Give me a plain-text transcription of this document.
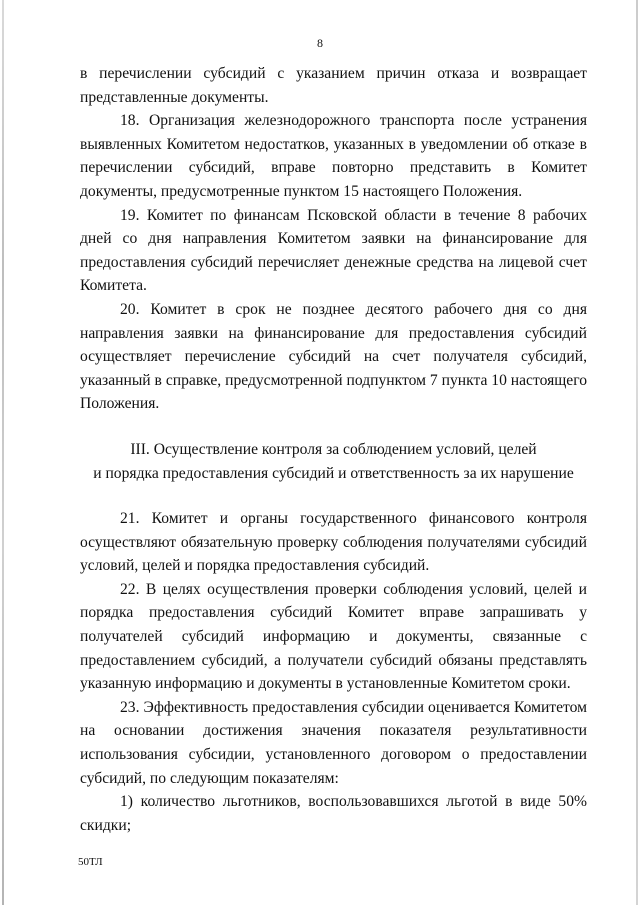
8

в перечислении субсидий с указанием причин отказа и возвращает представленные документы.

18. Организация железнодорожного транспорта после устранения выявленных Комитетом недостатков, указанных в уведомлении об отказе в перечислении субсидий, вправе повторно представить в Комитет документы, предусмотренные пунктом 15 настоящего Положения.

19. Комитет по финансам Псковской области в течение 8 рабочих дней со дня направления Комитетом заявки на финансирование для предоставления субсидий перечисляет денежные средства на лицевой счет Комитета.

20. Комитет в срок не позднее десятого рабочего дня со дня направления заявки на финансирование для предоставления субсидий осуществляет перечисление субсидий на счет получателя субсидий, указанный в справке, предусмотренной подпунктом 7 пункта 10 настоящего Положения.

III. Осуществление контроля за соблюдением условий, целей
и порядка предоставления субсидий и ответственность за их нарушение

21. Комитет и органы государственного финансового контроля осуществляют обязательную проверку соблюдения получателями субсидий условий, целей и порядка предоставления субсидий.

22. В целях осуществления проверки соблюдения условий, целей и порядка предоставления субсидий Комитет вправе запрашивать у получателей субсидий информацию и документы, связанные с предоставлением субсидий, а получатели субсидий обязаны представлять указанную информацию и документы в установленные Комитетом сроки.

23. Эффективность предоставления субсидии оценивается Комитетом на основании достижения значения показателя результативности использования субсидии, установленного договором о предоставлении субсидий, по следующим показателям:

1) количество льготников, воспользовавшихся льготой в виде 50% скидки;

50ТЛ
